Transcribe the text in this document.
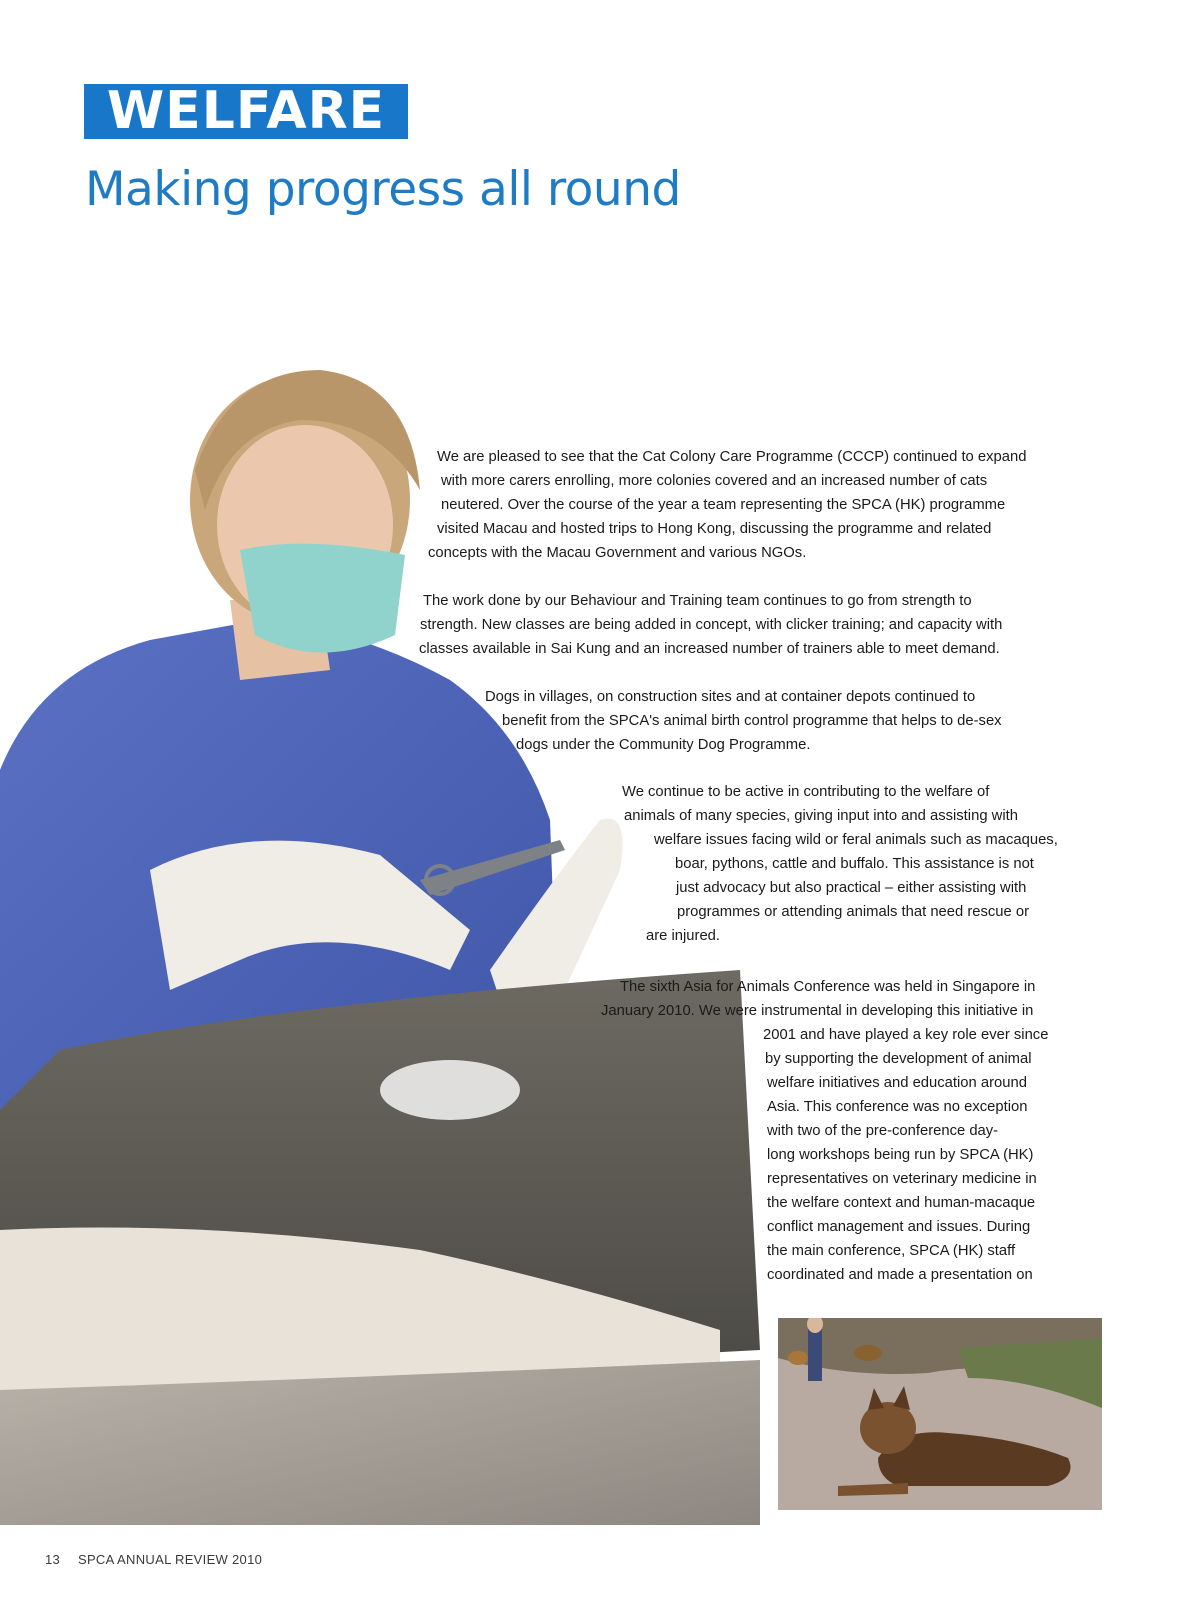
WELFARE
Making progress all round
We are pleased to see that the Cat Colony Care Programme (CCCP) continued to expand
with more carers enrolling, more colonies covered and an increased number of cats
neutered. Over the course of the year a team representing the SPCA (HK) programme
visited Macau and hosted trips to Hong Kong, discussing the programme and related
concepts with the Macau Government and various NGOs.
The work done by our Behaviour and Training team continues to go from strength to
strength. New classes are being added in concept, with clicker training; and capacity with
classes available in Sai Kung and an increased number of trainers able to meet demand.
Dogs in villages, on construction sites and at container depots continued to
benefit from the SPCA's animal birth control programme that helps to de-sex
dogs under the Community Dog Programme.
We continue to be active in contributing to the welfare of
animals of many species, giving input into and assisting with
welfare issues facing wild or feral animals such as macaques,
boar, pythons, cattle and buffalo. This assistance is not
just advocacy but also practical – either assisting with
programmes or attending animals that need rescue or
are injured.
The sixth Asia for Animals Conference was held in Singapore in
January 2010. We were instrumental in developing this initiative in
2001 and have played a key role ever since
by supporting the development of animal
welfare initiatives and education around
Asia. This conference was no exception
with two of the pre-conference day-
long workshops being run by SPCA (HK)
representatives on veterinary medicine in
the welfare context and human-macaque
conflict management and issues. During
the main conference, SPCA (HK) staff
coordinated and made a presentation on
13 SPCA ANNUAL REVIEW 2010
